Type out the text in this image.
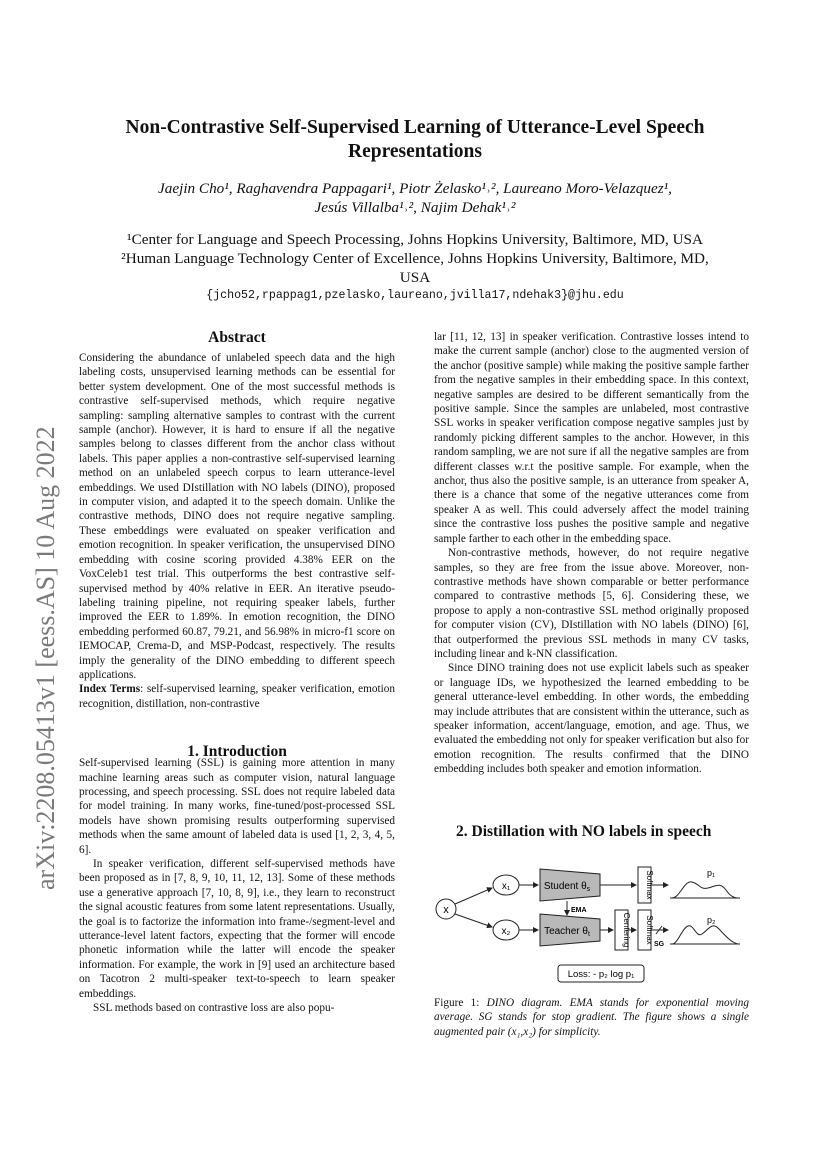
arXiv:2208.05413v1 [eess.AS] 10 Aug 2022
Non-Contrastive Self-Supervised Learning of Utterance-Level Speech
Representations
Jaejin Cho¹, Raghavendra Pappagari¹, Piotr Żelasko¹˒², Laureano Moro-Velazquez¹,
Jesús Villalba¹˒², Najim Dehak¹˒²
¹Center for Language and Speech Processing, Johns Hopkins University, Baltimore, MD, USA
²Human Language Technology Center of Excellence, Johns Hopkins University, Baltimore, MD,
USA
{jcho52,rpappag1,pzelasko,laureano,jvilla17,ndehak3}@jhu.edu
Abstract

Considering the abundance of unlabeled speech data and the high labeling costs, unsupervised learning methods can be essential for better system development. One of the most successful methods is contrastive self-supervised methods, which require negative sampling: sampling alternative samples to contrast with the current sample (anchor). However, it is hard to ensure if all the negative samples belong to classes different from the anchor class without labels. This paper applies a non-contrastive self-supervised learning method on an unlabeled speech corpus to learn utterance-level embeddings. We used DIstillation with NO labels (DINO), proposed in computer vision, and adapted it to the speech domain. Unlike the contrastive methods, DINO does not require negative sampling. These embeddings were evaluated on speaker verification and emotion recognition. In speaker verification, the unsupervised DINO embedding with cosine scoring provided 4.38% EER on the VoxCeleb1 test trial. This outperforms the best contrastive self-supervised method by 40% relative in EER. An iterative pseudo-labeling training pipeline, not requiring speaker labels, further improved the EER to 1.89%. In emotion recognition, the DINO embedding performed 60.87, 79.21, and 56.98% in micro-f1 score on IEMOCAP, Crema-D, and MSP-Podcast, respectively. The results imply the generality of the DINO embedding to different speech applications.

Index Terms: self-supervised learning, speaker verification, emotion recognition, distillation, non-contrastive

Self-supervised learning (SSL) is gaining more attention in many machine learning areas such as computer vision, natural language processing, and speech processing. SSL does not require labeled data for model training. In many works, fine-tuned/post-processed SSL models have shown promising results outperforming supervised methods when the same amount of labeled data is used [1, 2, 3, 4, 5, 6].

In speaker verification, different self-supervised methods have been proposed as in [7, 8, 9, 10, 11, 12, 13]. Some of these methods use a generative approach [7, 10, 8, 9], i.e., they learn to reconstruct the signal acoustic features from some latent representations. Usually, the goal is to factorize the information into frame-/segment-level and utterance-level latent factors, expecting that the former will encode phonetic information while the latter will encode the speaker information. For example, the work in [9] used an architecture based on Tacotron 2 multi-speaker text-to-speech to learn speaker embeddings.

SSL methods based on contrastive loss are also popu-

1. Introduction

lar [11, 12, 13] in speaker verification. Contrastive losses intend to make the current sample (anchor) close to the augmented version of the anchor (positive sample) while making the positive sample farther from the negative samples in their embedding space. In this context, negative samples are desired to be different semantically from the positive sample. Since the samples are unlabeled, most contrastive SSL works in speaker verification compose negative samples just by randomly picking different samples to the anchor. However, in this random sampling, we are not sure if all the negative samples are from different classes w.r.t the positive sample. For example, when the anchor, thus also the positive sample, is an utterance from speaker A, there is a chance that some of the negative utterances come from speaker A as well. This could adversely affect the model training since the contrastive loss pushes the positive sample and negative sample farther to each other in the embedding space.

Non-contrastive methods, however, do not require negative samples, so they are free from the issue above. Moreover, non-contrastive methods have shown comparable or better performance compared to contrastive methods [5, 6]. Considering these, we propose to apply a non-contrastive SSL method originally proposed for computer vision (CV), DIstillation with NO labels (DINO) [6], that outperformed the previous SSL methods in many CV tasks, including linear and k-NN classification.

Since DINO training does not use explicit labels such as speaker or language IDs, we hypothesized the learned embedding to be general utterance-level embedding. In other words, the embedding may include attributes that are consistent within the utterance, such as speaker information, accent/language, emotion, and age. Thus, we evaluated the embedding not only for speaker verification but also for emotion recognition. The results confirmed that the DINO embedding includes both speaker and emotion information.

2. Distillation with NO labels in speech
x
x₁
x₂
Student $\theta_s$
Teacher $\theta_t$
EMA
Softmax
Centering Softmax SG
p₁
p₂
Loss: - p₂ log p₁
Figure 1: DINO diagram. EMA stands for exponential moving average. SG stands for stop gradient. The figure shows a single augmented pair (x₁,x₂) for simplicity.
